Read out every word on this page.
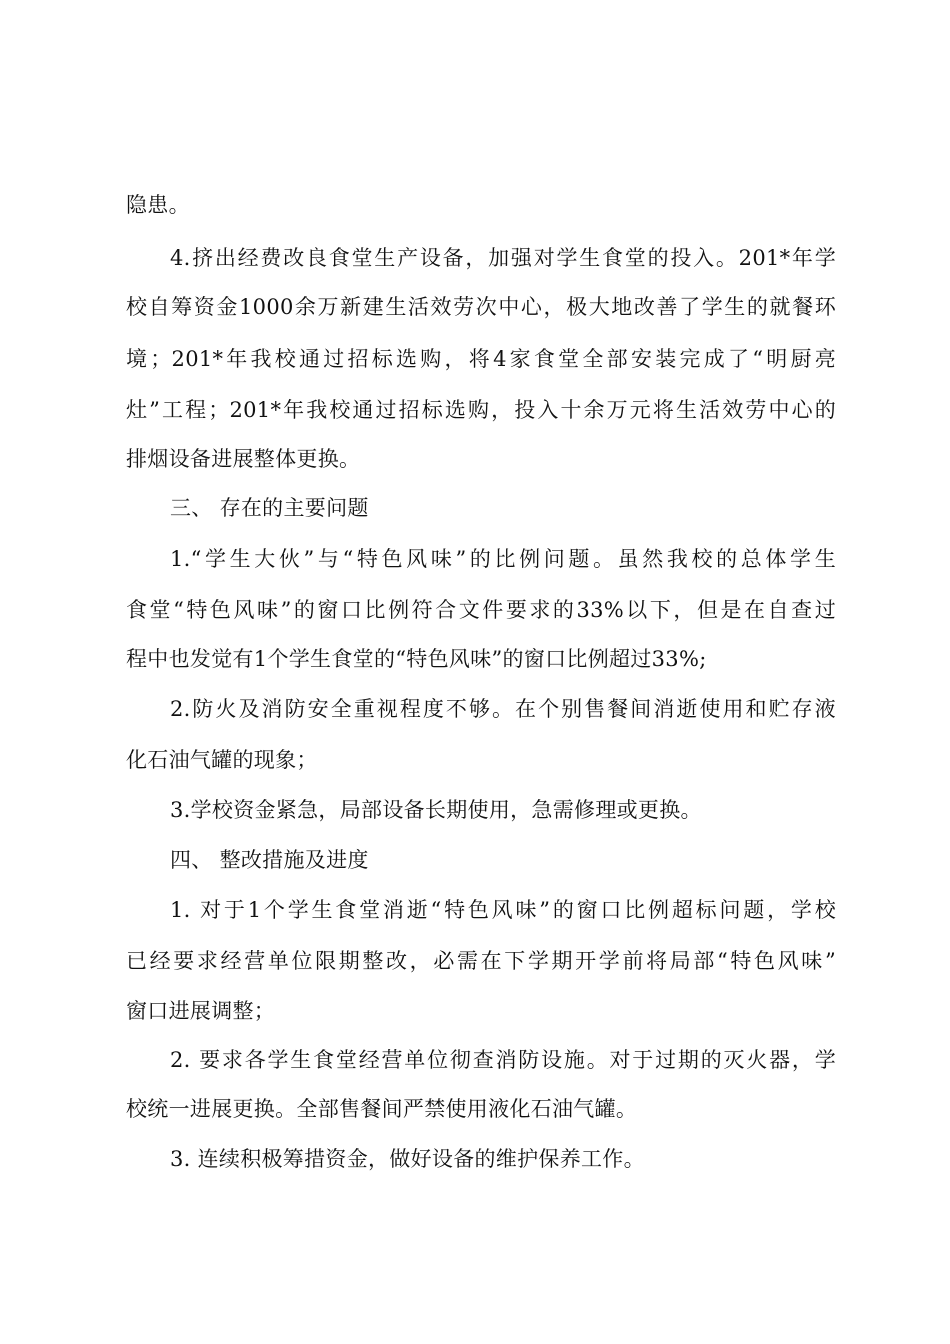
隐患。
4.挤出经费改良食堂生产设备，加强对学生食堂的投入。201*年学
校自筹资金1000余万新建生活效劳次中心，极大地改善了学生的就餐环
境；201*年我校通过招标选购，将4家食堂全部安装完成了“明厨亮
灶”工程；201*年我校通过招标选购，投入十余万元将生活效劳中心的
排烟设备进展整体更换。
三、 存在的主要问题
1.“学生大伙”与“特色风味”的比例问题。虽然我校的总体学生
食堂“特色风味”的窗口比例符合文件要求的33%以下，但是在自查过
程中也发觉有1个学生食堂的“特色风味”的窗口比例超过33%;
2.防火及消防安全重视程度不够。在个别售餐间消逝使用和贮存液
化石油气罐的现象；
3.学校资金紧急，局部设备长期使用，急需修理或更换。
四、 整改措施及进度
1. 对于1个学生食堂消逝“特色风味”的窗口比例超标问题，学校
已经要求经营单位限期整改，必需在下学期开学前将局部“特色风味”
窗口进展调整；
2. 要求各学生食堂经营单位彻查消防设施。对于过期的灭火器，学
校统一进展更换。全部售餐间严禁使用液化石油气罐。
3. 连续积极筹措资金，做好设备的维护保养工作。
